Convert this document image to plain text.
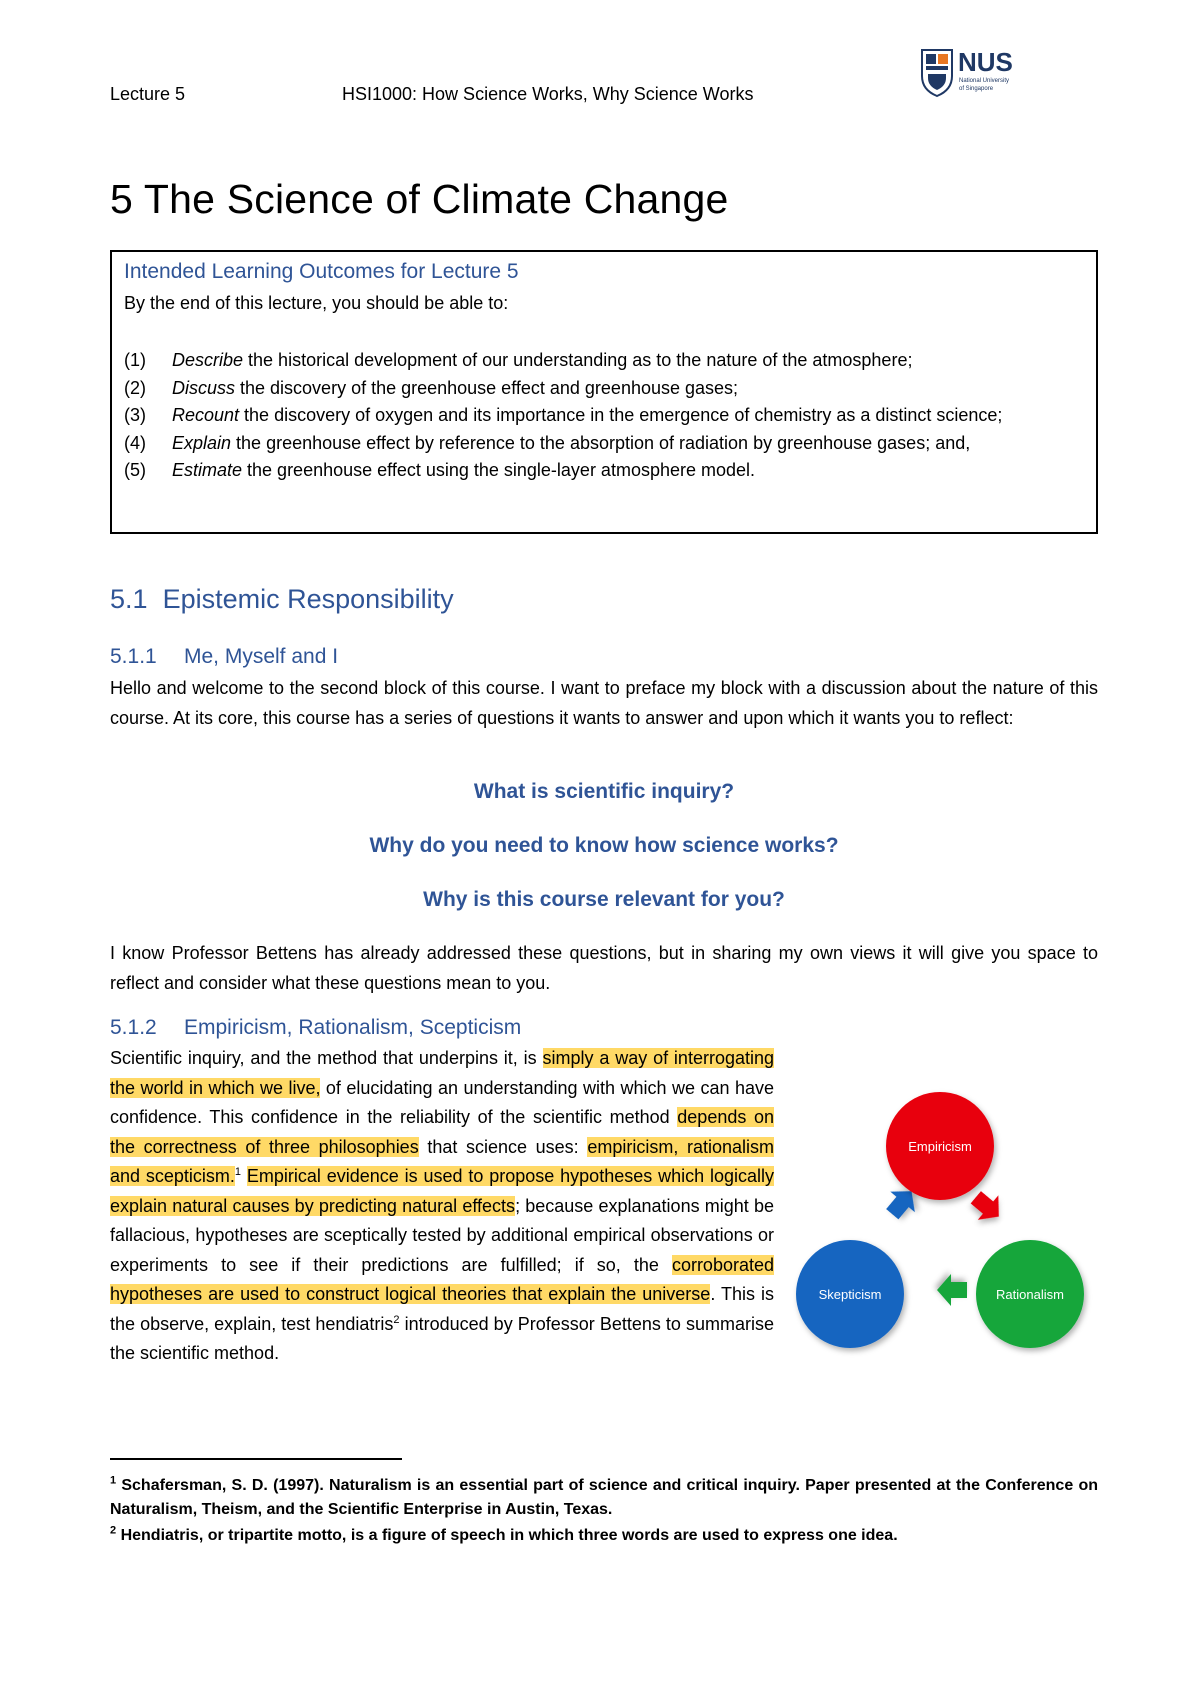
Lecture 5	HSI1000: How Science Works, Why Science Works
NUS
National University
of Singapore
5 The Science of Climate Change
Intended Learning Outcomes for Lecture 5
By the end of this lecture, you should be able to:
(1)	Describe the historical development of our understanding as to the nature of the atmosphere;
(2)	Discuss the discovery of the greenhouse effect and greenhouse gases;
(3)	Recount the discovery of oxygen and its importance in the emergence of chemistry as a distinct science;
(4)	Explain the greenhouse effect by reference to the absorption of radiation by greenhouse gases; and,
(5)	Estimate the greenhouse effect using the single-layer atmosphere model.
5.1 Epistemic Responsibility
5.1.1 Me, Myself and I
Hello and welcome to the second block of this course. I want to preface my block with a discussion about the nature of this course. At its core, this course has a series of questions it wants to answer and upon which it wants you to reflect:
What is scientific inquiry?
Why do you need to know how science works?
Why is this course relevant for you?
I know Professor Bettens has already addressed these questions, but in sharing my own views it will give you space to reflect and consider what these questions mean to you.
5.1.2 Empiricism, Rationalism, Scepticism
Scientific inquiry, and the method that underpins it, is simply a way of interrogating the world in which we live, of elucidating an understanding with which we can have confidence. This confidence in the reliability of the scientific method depends on the correctness of three philosophies that science uses: empiricism, rationalism and scepticism.$^1$ Empirical evidence is used to propose hypotheses which logically explain natural causes by predicting natural effects; because explanations might be fallacious, hypotheses are sceptically tested by additional empirical observations or experiments to see if their predictions are fulfilled; if so, the corroborated hypotheses are used to construct logical theories that explain the universe. This is the observe, explain, test hendiatris$^2$ introduced by Professor Bettens to summarise the scientific method.
Empiricism
Rationalism
Skepticism
$^1$ Schafersman, S. D. (1997). Naturalism is an essential part of science and critical inquiry. Paper presented at the Conference on Naturalism, Theism, and the Scientific Enterprise in Austin, Texas.
$^2$ Hendiatris, or tripartite motto, is a figure of speech in which three words are used to express one idea.
